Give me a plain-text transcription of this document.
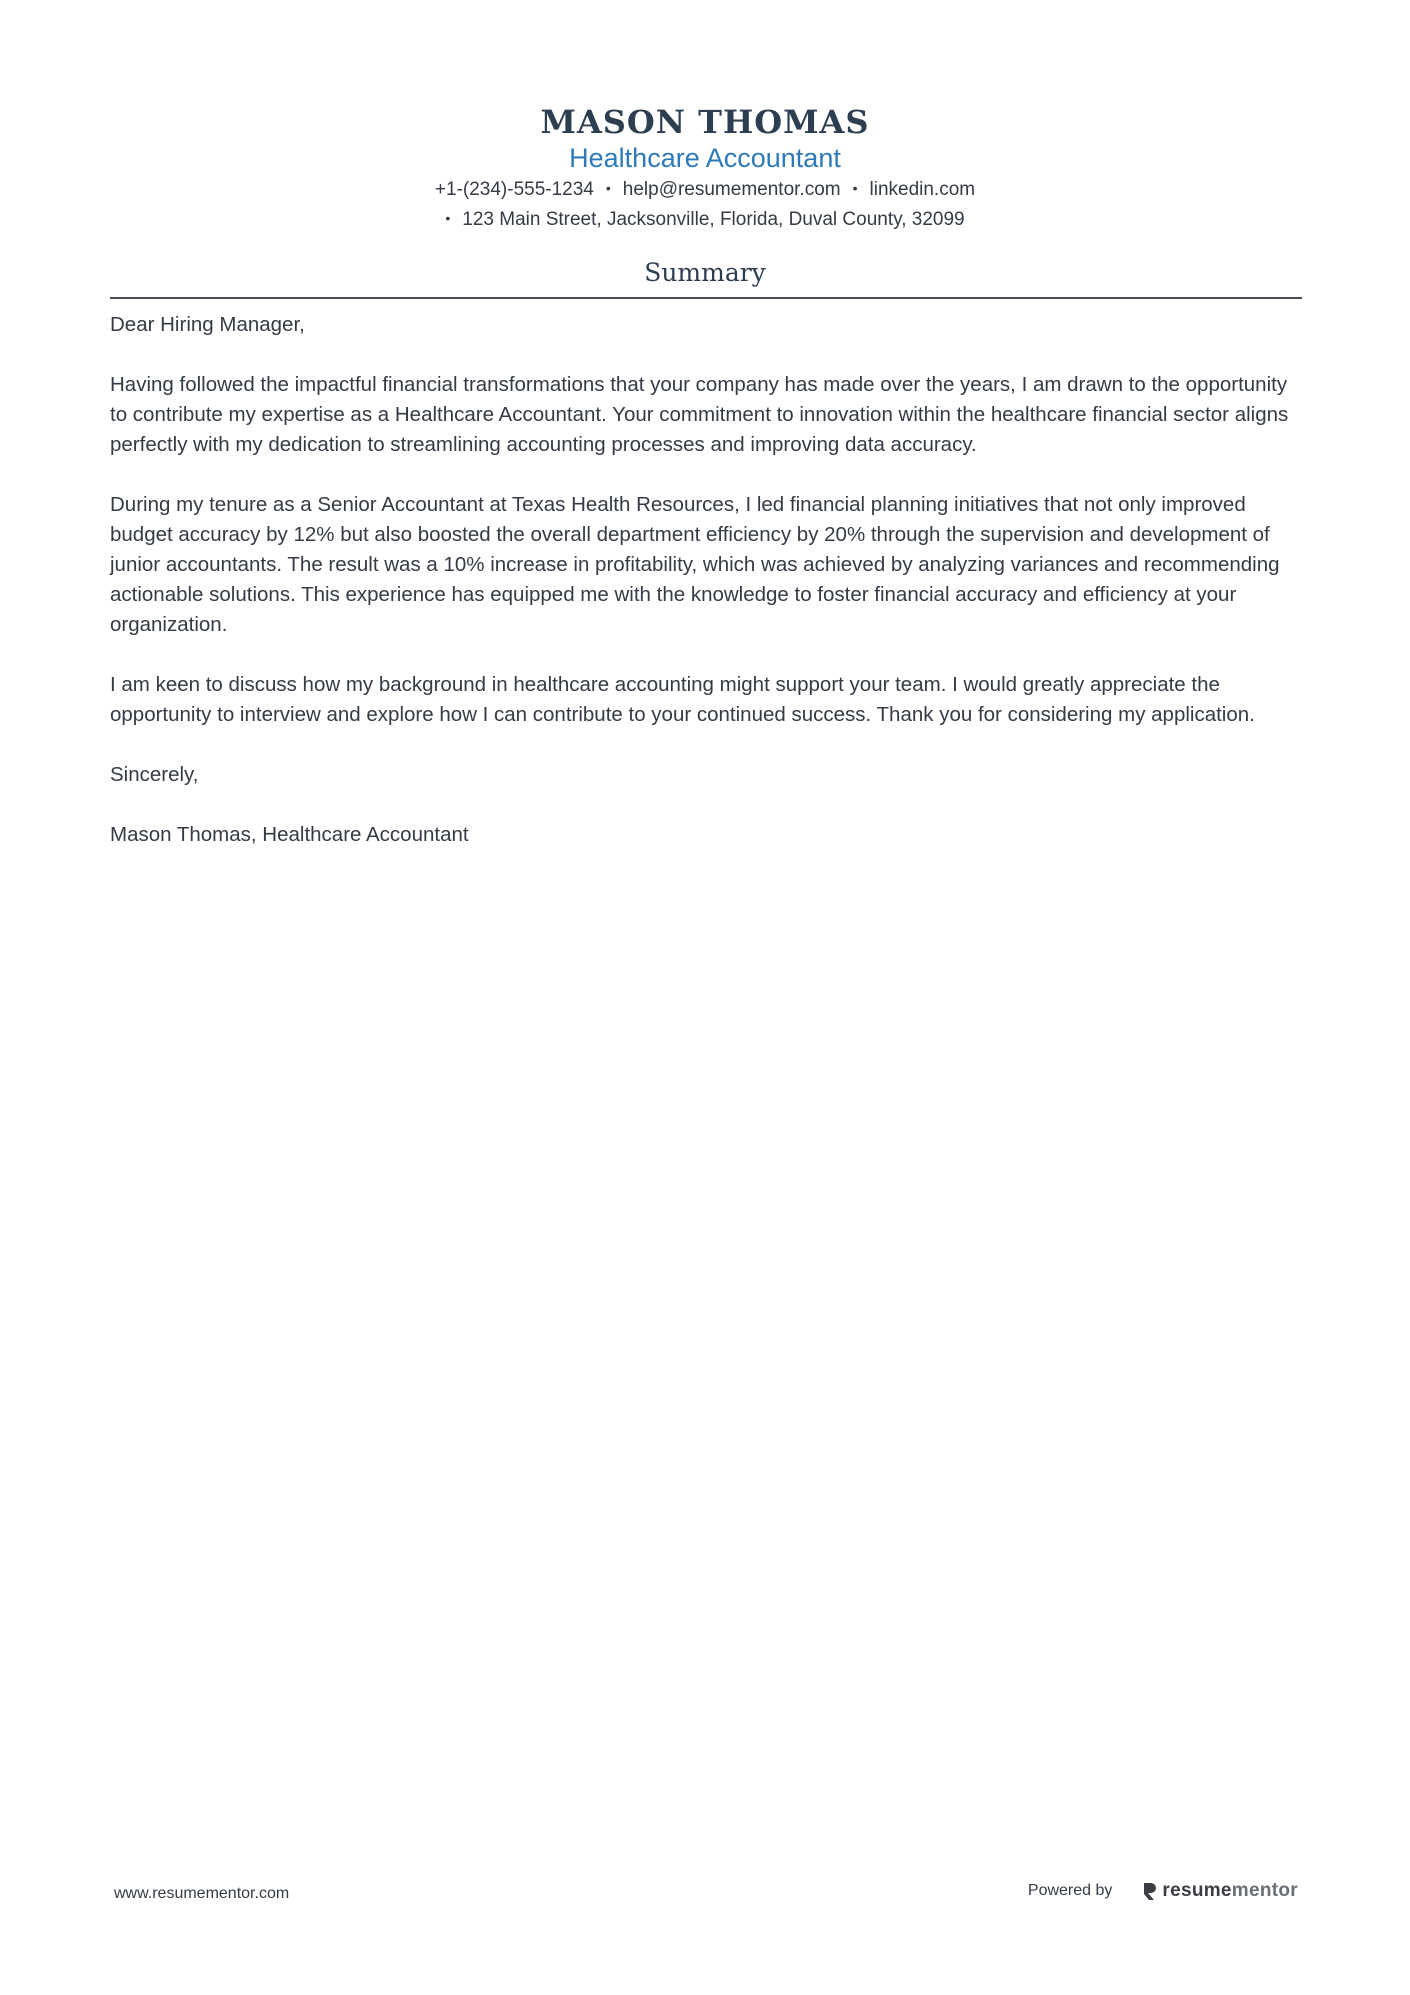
MASON THOMAS
Healthcare Accountant
+1-(234)-555-1234 • help@resumementor.com • linkedin.com
• 123 Main Street, Jacksonville, Florida, Duval County, 32099
Summary

Dear Hiring Manager,

Having followed the impactful financial transformations that your company has made over the years, I am drawn to the opportunity to contribute my expertise as a Healthcare Accountant. Your commitment to innovation within the healthcare financial sector aligns perfectly with my dedication to streamlining accounting processes and improving data accuracy.

During my tenure as a Senior Accountant at Texas Health Resources, I led financial planning initiatives that not only improved budget accuracy by 12% but also boosted the overall department efficiency by 20% through the supervision and development of junior accountants. The result was a 10% increase in profitability, which was achieved by analyzing variances and recommending actionable solutions. This experience has equipped me with the knowledge to foster financial accuracy and efficiency at your organization.

I am keen to discuss how my background in healthcare accounting might support your team. I would greatly appreciate the opportunity to interview and explore how I can contribute to your continued success. Thank you for considering my application.

Sincerely,

Mason Thomas, Healthcare Accountant

www.resumementor.com	Powered by	resume mentor
